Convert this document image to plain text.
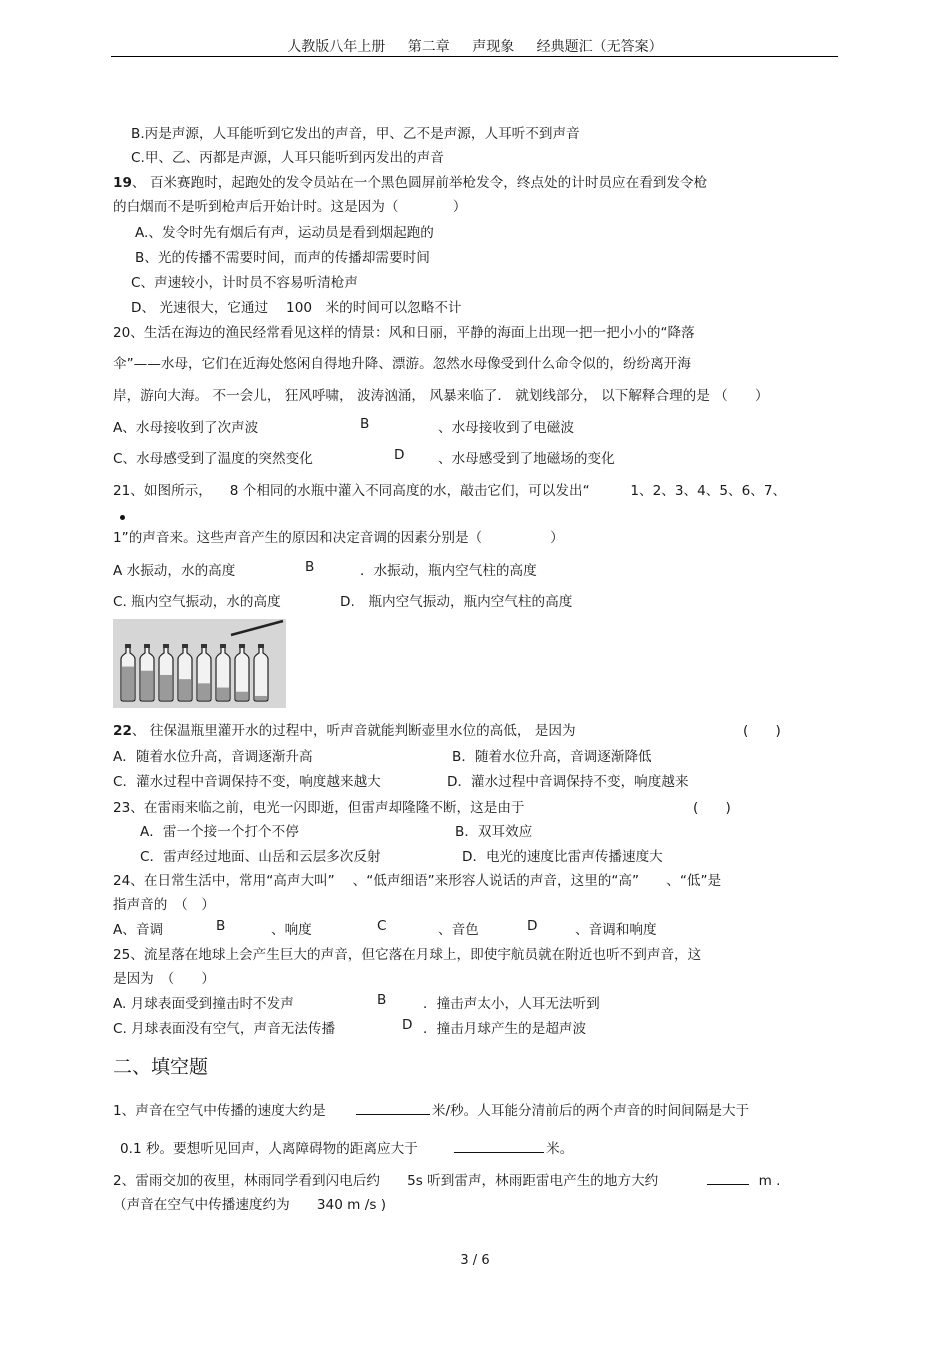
人教版八年上册 第二章 声现象 经典题汇（无答案）
B.丙是声源，人耳能听到它发出的声音，甲、乙不是声源，人耳听不到声音
C.甲、乙、丙都是声源，人耳只能听到丙发出的声音
19、 百米赛跑时，起跑处的发令员站在一个黑色圆屏前举枪发令，终点处的计时员应在看到发令枪
的白烟而不是听到枪声后开始计时。这是因为（　　　　）
A.、发令时先有烟后有声，运动员是看到烟起跑的
B、光的传播不需要时间，而声的传播却需要时间
C、声速较小，计时员不容易听清枪声
D、 光速很大，它通过　 100　米的时间可以忽略不计
20、生活在海边的渔民经常看见这样的情景：风和日丽，平静的海面上出现一把一把小小的“降落
伞”——水母，它们在近海处悠闲自得地升降、漂游。忽然水母像受到什么命令似的，纷纷离开海
岸，游向大海。 不一会儿， 狂风呼啸， 波涛汹涌， 风暴来临了． 就划线部分， 以下解释合理的是 （　　）
A、水母接收到了次声波	B	、水母接收到了电磁波
C、水母感受到了温度的突然变化	D 、水母感受到了地磁场的变化
21、如图所示， 　8 个相同的水瓶中灌入不同高度的水，敲击它们，可以发出“　　　1、2、3、4、5、6、7、
1”的声音来。这些声音产生的原因和决定音调的因素分别是（　　　　　）
A 水振动，水的高度	B	．水振动，瓶内空气柱的高度
C. 瓶内空气振动，水的高度	D.　瓶内空气振动，瓶内空气柱的高度
22、 往保温瓶里灌开水的过程中，听声音就能判断壶里水位的高低， 是因为	(　　)
A．随着水位升高，音调逐渐升高	B．随着水位升高，音调逐渐降低
C．灌水过程中音调保持不变，响度越来越大	D．灌水过程中音调保持不变，响度越来
23、在雷雨来临之前，电光一闪即逝，但雷声却隆隆不断，这是由于	(　　)
A．雷一个接一个打个不停	B．双耳效应
C．雷声经过地面、山岳和云层多次反射	D．电光的速度比雷声传播速度大
24、在日常生活中，常用“高声大叫”　 、“低声细语”来形容人说话的声音，这里的“高”　　、“低”是
指声音的　（　）
A、音调	B	、响度	C	、音色	D	、音调和响度
25、流星落在地球上会产生巨大的声音，但它落在月球上，即使宇航员就在附近也听不到声音，这
是因为　（　　）
A. 月球表面受到撞击时不发声	B	．撞击声太小，人耳无法听到
C. 月球表面没有空气，声音无法传播	D ．撞击月球产生的是超声波
二、填空题
1、声音在空气中传播的速度大约是	米/秒。人耳能分清前后的两个声音的时间间隔是大于
0.1 秒。要想听见回声，人离障碍物的距离应大于	米。
2、雷雨交加的夜里，林雨同学看到闪电后约　　5s 听到雷声，林雨距雷电产生的地方大约	m .
（声音在空气中传播速度约为　　340 m /s )
3 / 6
